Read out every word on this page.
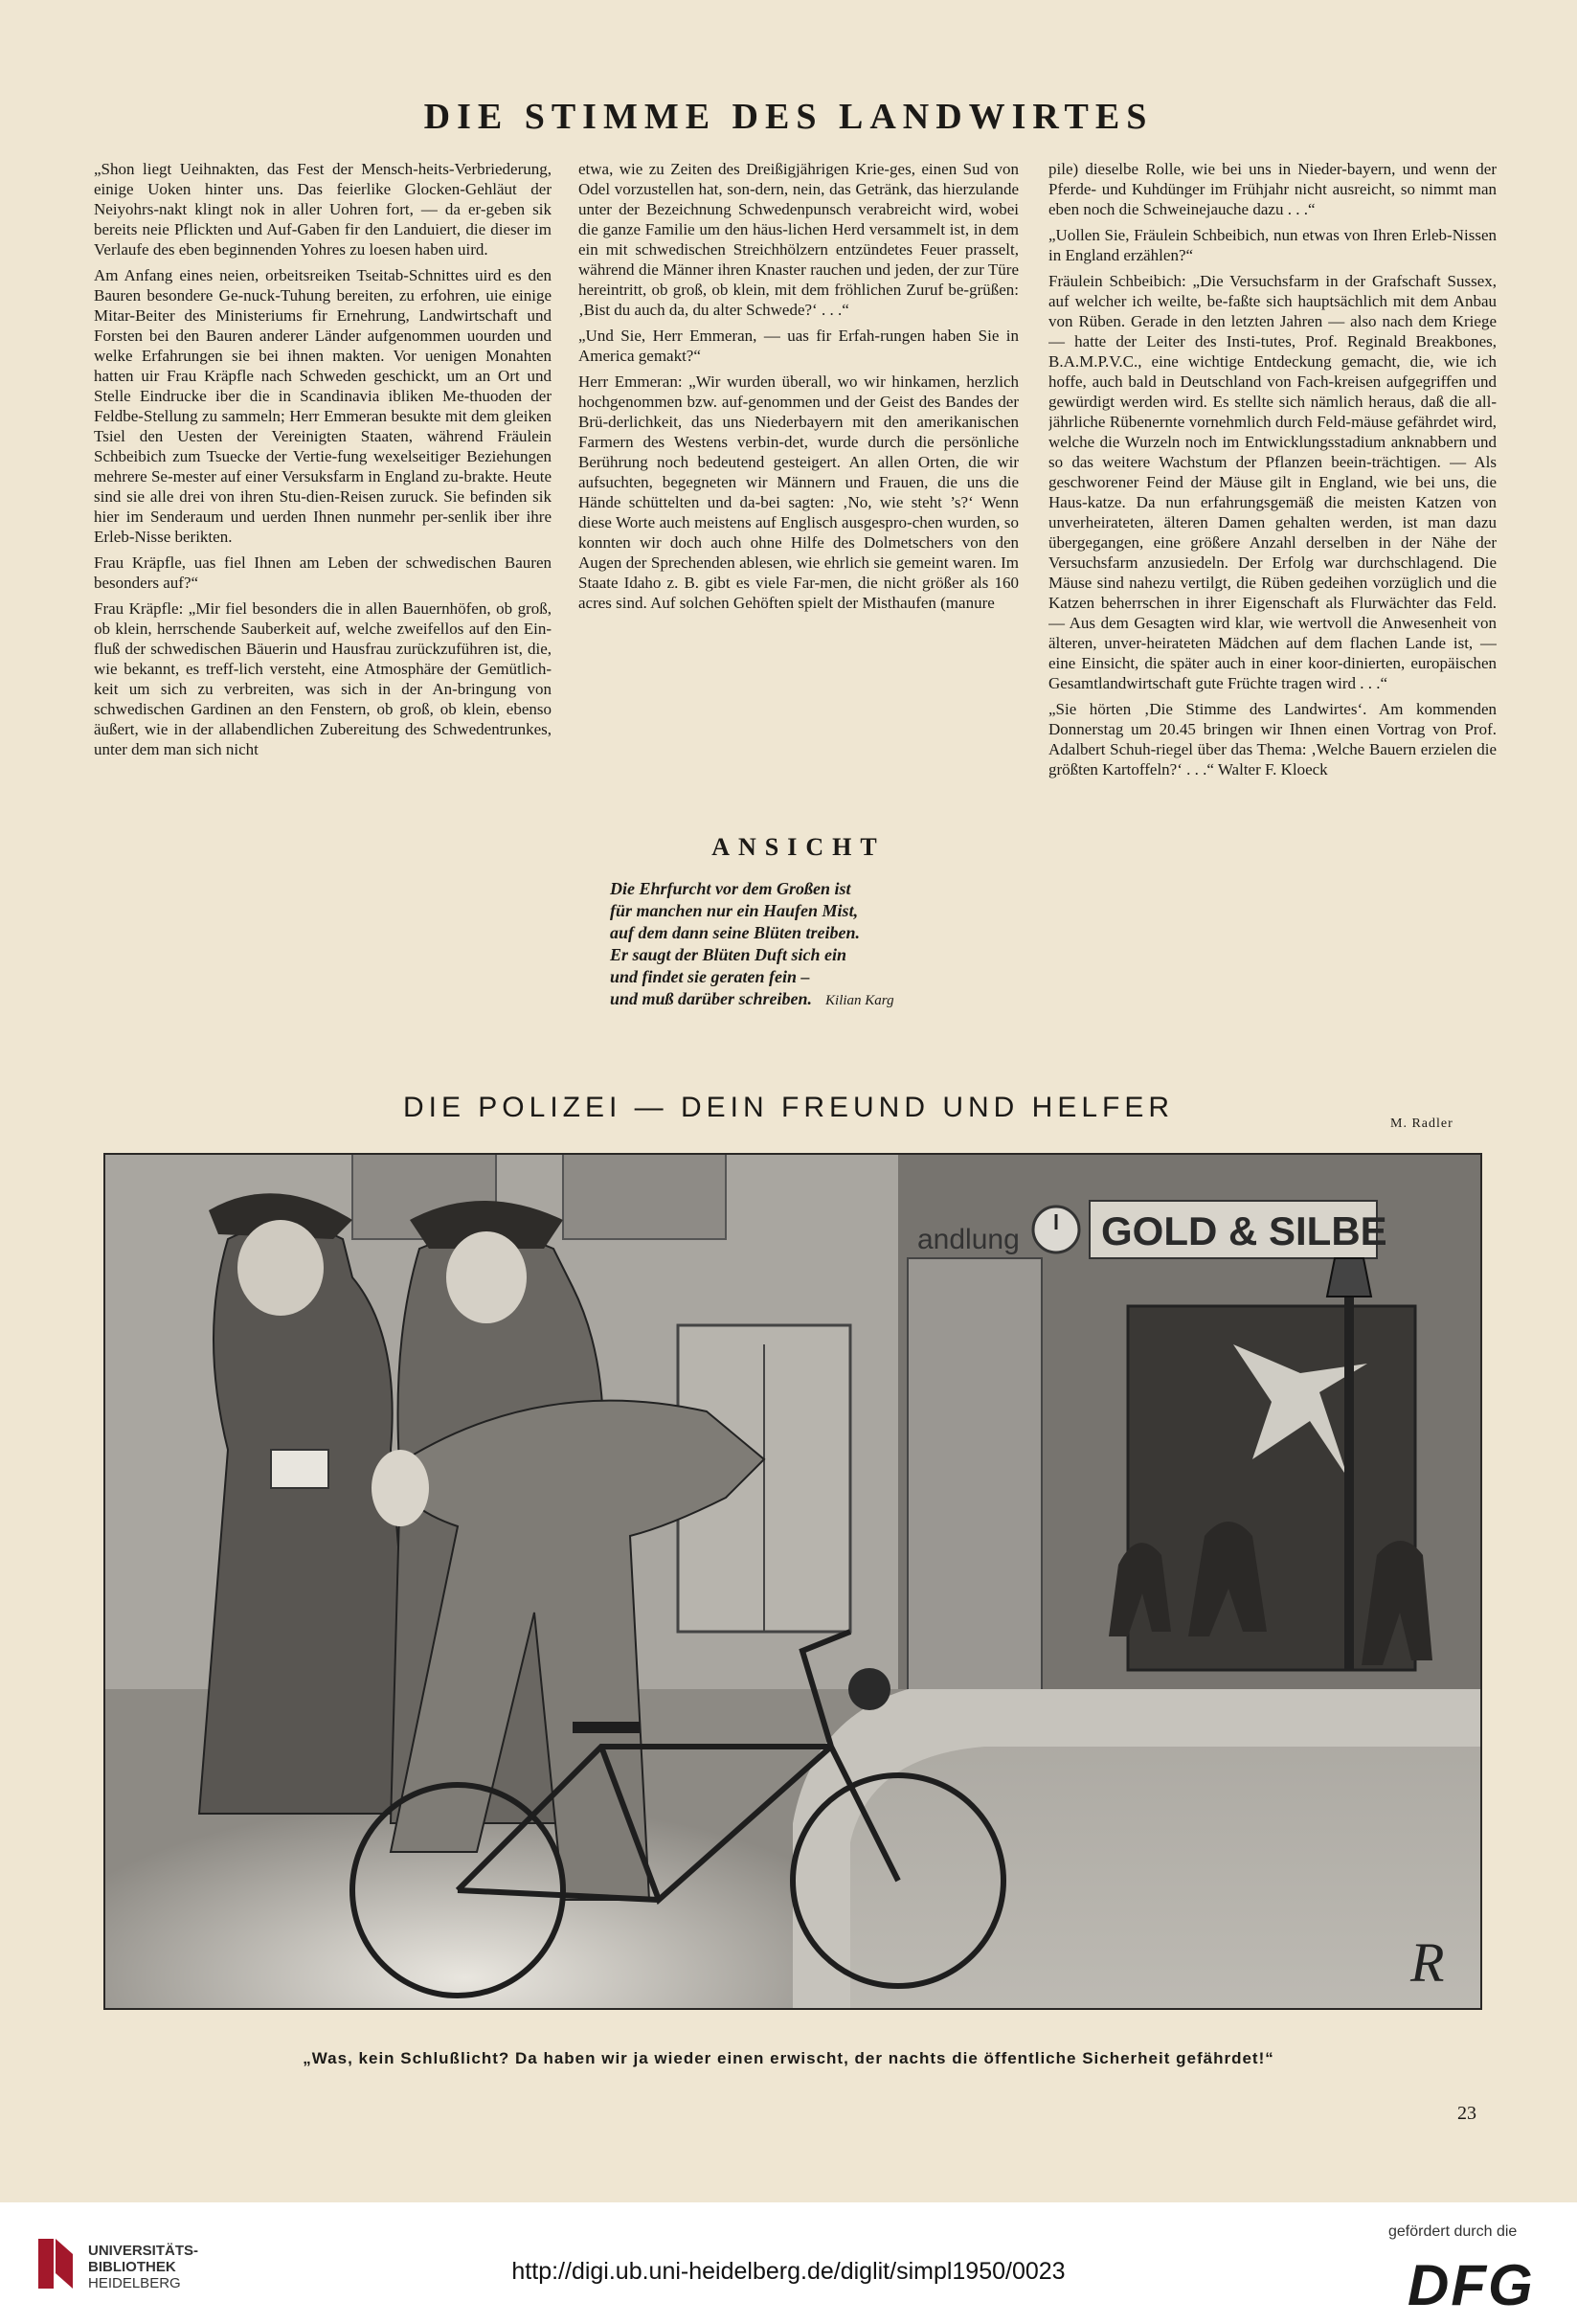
DIE STIMME DES LANDWIRTES

„Shon liegt Ueihnakten, das Fest der Mensch-heits-Verbriederung, einige Uoken hinter uns. Das feierlike Glocken-Gehläut der Neiyohrs-nakt klingt nok in aller Uohren fort, — da er-geben sik bereits neie Pflickten und Auf-Gaben fir den Landuiert, die dieser im Verlaufe des eben beginnenden Yohres zu loesen haben uird.

Am Anfang eines neien, orbeitsreiken Tseitab-Schnittes uird es den Bauren besondere Ge-nuck-Tuhung bereiten, zu erfohren, uie einige Mitar-Beiter des Ministeriums fir Ernehrung, Landwirtschaft und Forsten bei den Bauren anderer Länder aufgenommen uourden und welke Erfahrungen sie bei ihnen makten. Vor uenigen Monahten hatten uir Frau Kräpfle nach Schweden geschickt, um an Ort und Stelle Eindrucke iber die in Scandinavia ibliken Me-thuoden der Feldbe-Stellung zu sammeln; Herr Emmeran besukte mit dem gleiken Tsiel den Uesten der Vereinigten Staaten, während Fräulein Schbeibich zum Tsuecke der Vertie-fung wexelseitiger Beziehungen mehrere Se-mester auf einer Versuksfarm in England zu-brakte. Heute sind sie alle drei von ihren Stu-dien-Reisen zuruck. Sie befinden sik hier im Senderaum und uerden Ihnen nunmehr per-senlik iber ihre Erleb-Nisse berikten.

Frau Kräpfle, uas fiel Ihnen am Leben der schwedischen Bauren besonders auf?“

Frau Kräpfle: „Mir fiel besonders die in allen Bauernhöfen, ob groß, ob klein, herrschende Sauberkeit auf, welche zweifellos auf den Ein-fluß der schwedischen Bäuerin und Hausfrau zurückzuführen ist, die, wie bekannt, es treff-lich versteht, eine Atmosphäre der Gemütlich-keit um sich zu verbreiten, was sich in der An-bringung von schwedischen Gardinen an den Fenstern, ob groß, ob klein, ebenso äußert, wie in der allabendlichen Zubereitung des Schwedentrunkes, unter dem man sich nicht

etwa, wie zu Zeiten des Dreißigjährigen Krie-ges, einen Sud von Odel vorzustellen hat, son-dern, nein, das Getränk, das hierzulande unter der Bezeichnung Schwedenpunsch verabreicht wird, wobei die ganze Familie um den häus-lichen Herd versammelt ist, in dem ein mit schwedischen Streichhölzern entzündetes Feuer prasselt, während die Männer ihren Knaster rauchen und jeden, der zur Türe hereintritt, ob groß, ob klein, mit dem fröhlichen Zuruf be-grüßen: ‚Bist du auch da, du alter Schwede?‘ . . .“

„Und Sie, Herr Emmeran, — uas fir Erfah-rungen haben Sie in America gemakt?“

Herr Emmeran: „Wir wurden überall, wo wir hinkamen, herzlich hochgenommen bzw. auf-genommen und der Geist des Bandes der Brü-derlichkeit, das uns Niederbayern mit den amerikanischen Farmern des Westens verbin-det, wurde durch die persönliche Berührung noch bedeutend gesteigert. An allen Orten, die wir aufsuchten, begegneten wir Männern und Frauen, die uns die Hände schüttelten und da-bei sagten: ‚No, wie steht ’s?‘ Wenn diese Worte auch meistens auf Englisch ausgespro-chen wurden, so konnten wir doch auch ohne Hilfe des Dolmetschers von den Augen der Sprechenden ablesen, wie ehrlich sie gemeint waren. Im Staate Idaho z. B. gibt es viele Far-men, die nicht größer als 160 acres sind. Auf solchen Gehöften spielt der Misthaufen (manure

pile) dieselbe Rolle, wie bei uns in Nieder-bayern, und wenn der Pferde- und Kuhdünger im Frühjahr nicht ausreicht, so nimmt man eben noch die Schweinejauche dazu . . .“

„Uollen Sie, Fräulein Schbeibich, nun etwas von Ihren Erleb-Nissen in England erzählen?“

Fräulein Schbeibich: „Die Versuchsfarm in der Grafschaft Sussex, auf welcher ich weilte, be-faßte sich hauptsächlich mit dem Anbau von Rüben. Gerade in den letzten Jahren — also nach dem Kriege — hatte der Leiter des Insti-tutes, Prof. Reginald Breakbones, B.A.M.P.V.C., eine wichtige Entdeckung gemacht, die, wie ich hoffe, auch bald in Deutschland von Fach-kreisen aufgegriffen und gewürdigt werden wird. Es stellte sich nämlich heraus, daß die all-jährliche Rübenernte vornehmlich durch Feld-mäuse gefährdet wird, welche die Wurzeln noch im Entwicklungsstadium anknabbern und so das weitere Wachstum der Pflanzen beein-trächtigen. — Als geschworener Feind der Mäuse gilt in England, wie bei uns, die Haus-katze. Da nun erfahrungsgemäß die meisten Katzen von unverheirateten, älteren Damen gehalten werden, ist man dazu übergegangen, eine größere Anzahl derselben in der Nähe der Versuchsfarm anzusiedeln. Der Erfolg war durchschlagend. Die Mäuse sind nahezu vertilgt, die Rüben gedeihen vorzüglich und die Katzen beherrschen in ihrer Eigenschaft als Flurwächter das Feld. — Aus dem Gesagten wird klar, wie wertvoll die Anwesenheit von älteren, unver-heirateten Mädchen auf dem flachen Lande ist, — eine Einsicht, die später auch in einer koor-dinierten, europäischen Gesamtlandwirtschaft gute Früchte tragen wird . . .“

„Sie hörten ‚Die Stimme des Landwirtes‘. Am kommenden Donnerstag um 20.45 bringen wir Ihnen einen Vortrag von Prof. Adalbert Schuh-riegel über das Thema: ‚Welche Bauern erzielen die größten Kartoffeln?‘ . . .“ Walter F. Kloeck

ANSICHT
Die Ehrfurcht vor dem Großen ist
für manchen nur ein Haufen Mist,
auf dem dann seine Blüten treiben.
Er saugt der Blüten Duft sich ein
und findet sie geraten fein –
und muß darüber schreiben. Kilian Karg
DIE POLIZEI — DEIN FREUND UND HELFER
M. Radler
andlung GOLD & SILBE
R
„Was, kein Schlußlicht? Da haben wir ja wieder einen erwischt, der nachts die öffentliche Sicherheit gefährdet!“
23
UNIVERSITÄTS-
BIBLIOTHEK
HEIDELBERG	http://digi.ub.uni-heidelberg.de/diglit/simpl1950/0023
gefördert durch die
DFG
